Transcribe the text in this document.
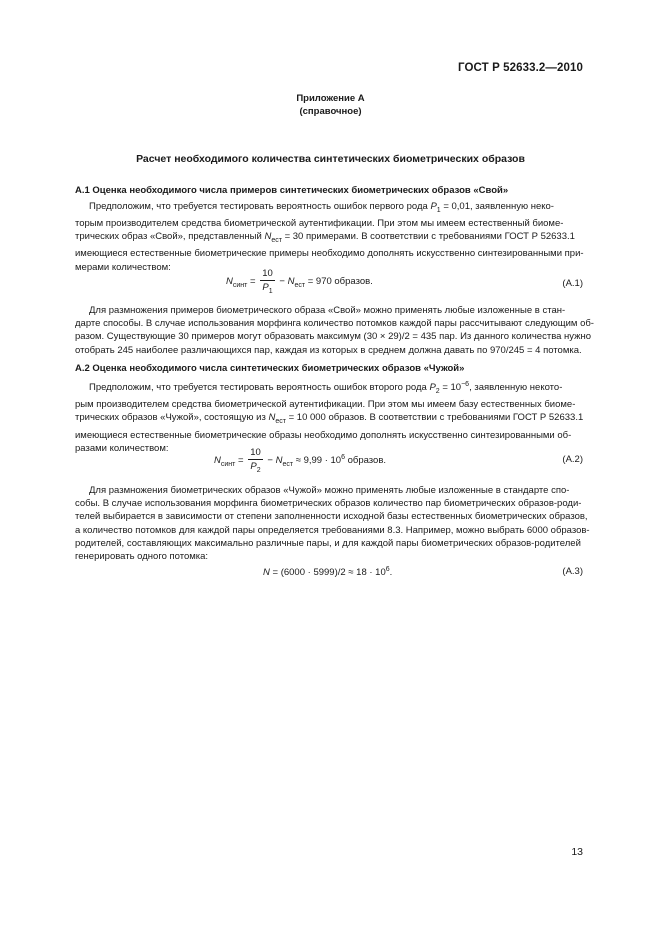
ГОСТ Р 52633.2—2010
Приложение А
(справочное)
Расчет необходимого количества синтетических биометрических образов
А.1 Оценка необходимого числа примеров синтетических биометрических образов «Свой»
Предположим, что требуется тестировать вероятность ошибок первого рода $P_1 = 0,01$, заявленную неко-
торым производителем средства биометрической аутентификации. При этом мы имеем естественный биоме-
трических образ «Свой», представленный $N_{ест} = 30$ примерами. В соответствии с требованиями ГОСТ Р 52633.1
имеющиеся естественные биометрические примеры необходимо дополнять искусственно синтезированными при-
мерами количеством:
$N_{синт} = \frac{10}{P_1} - N_{ест} = 970$ образов.	(А.1)
Для размножения примеров биометрического образа «Свой» можно применять любые изложенные в стан-
дарте способы. В случае использования морфинга количество потомков каждой пары рассчитывают следующим об-
разом. Существующие 30 примеров могут образовать максимум (30 × 29)/2 = 435 пар. Из данного количества нужно
отобрать 245 наиболее различающихся пар, каждая из которых в среднем должна давать по 970/245 = 4 потомка.
А.2 Оценка необходимого числа синтетических биометрических образов «Чужой»
Предположим, что требуется тестировать вероятность ошибок второго рода $P_2 = 10^{-6}$, заявленную некото-
рым производителем средства биометрической аутентификации. При этом мы имеем базу естественных биоме-
трических образов «Чужой», состоящую из $N_{ест} = 10$ 000 образов. В соответствии с требованиями ГОСТ Р 52633.1
имеющиеся естественные биометрические образы необходимо дополнять искусственно синтезированными об-
разами количеством:
$N_{синт} = \frac{10}{P_2} - N_{ест} \approx 9,99 \cdot 10^6$ образов.	(А.2)
Для размножения биометрических образов «Чужой» можно применять любые изложенные в стандарте спо-
собы. В случае использования морфинга биометрических образов количество пар биометрических образов-роди-
телей выбирается в зависимости от степени заполненности исходной базы естественных биометрических образов,
а количество потомков для каждой пары определяется требованиями 8.3. Например, можно выбрать 6000 образов-
родителей, составляющих максимально различные пары, и для каждой пары биометрических образов-родителей
генерировать одного потомка:
$N = (6000 \cdot 5999)/2 \approx 18 \cdot 10^6$.	(А.3)
13
